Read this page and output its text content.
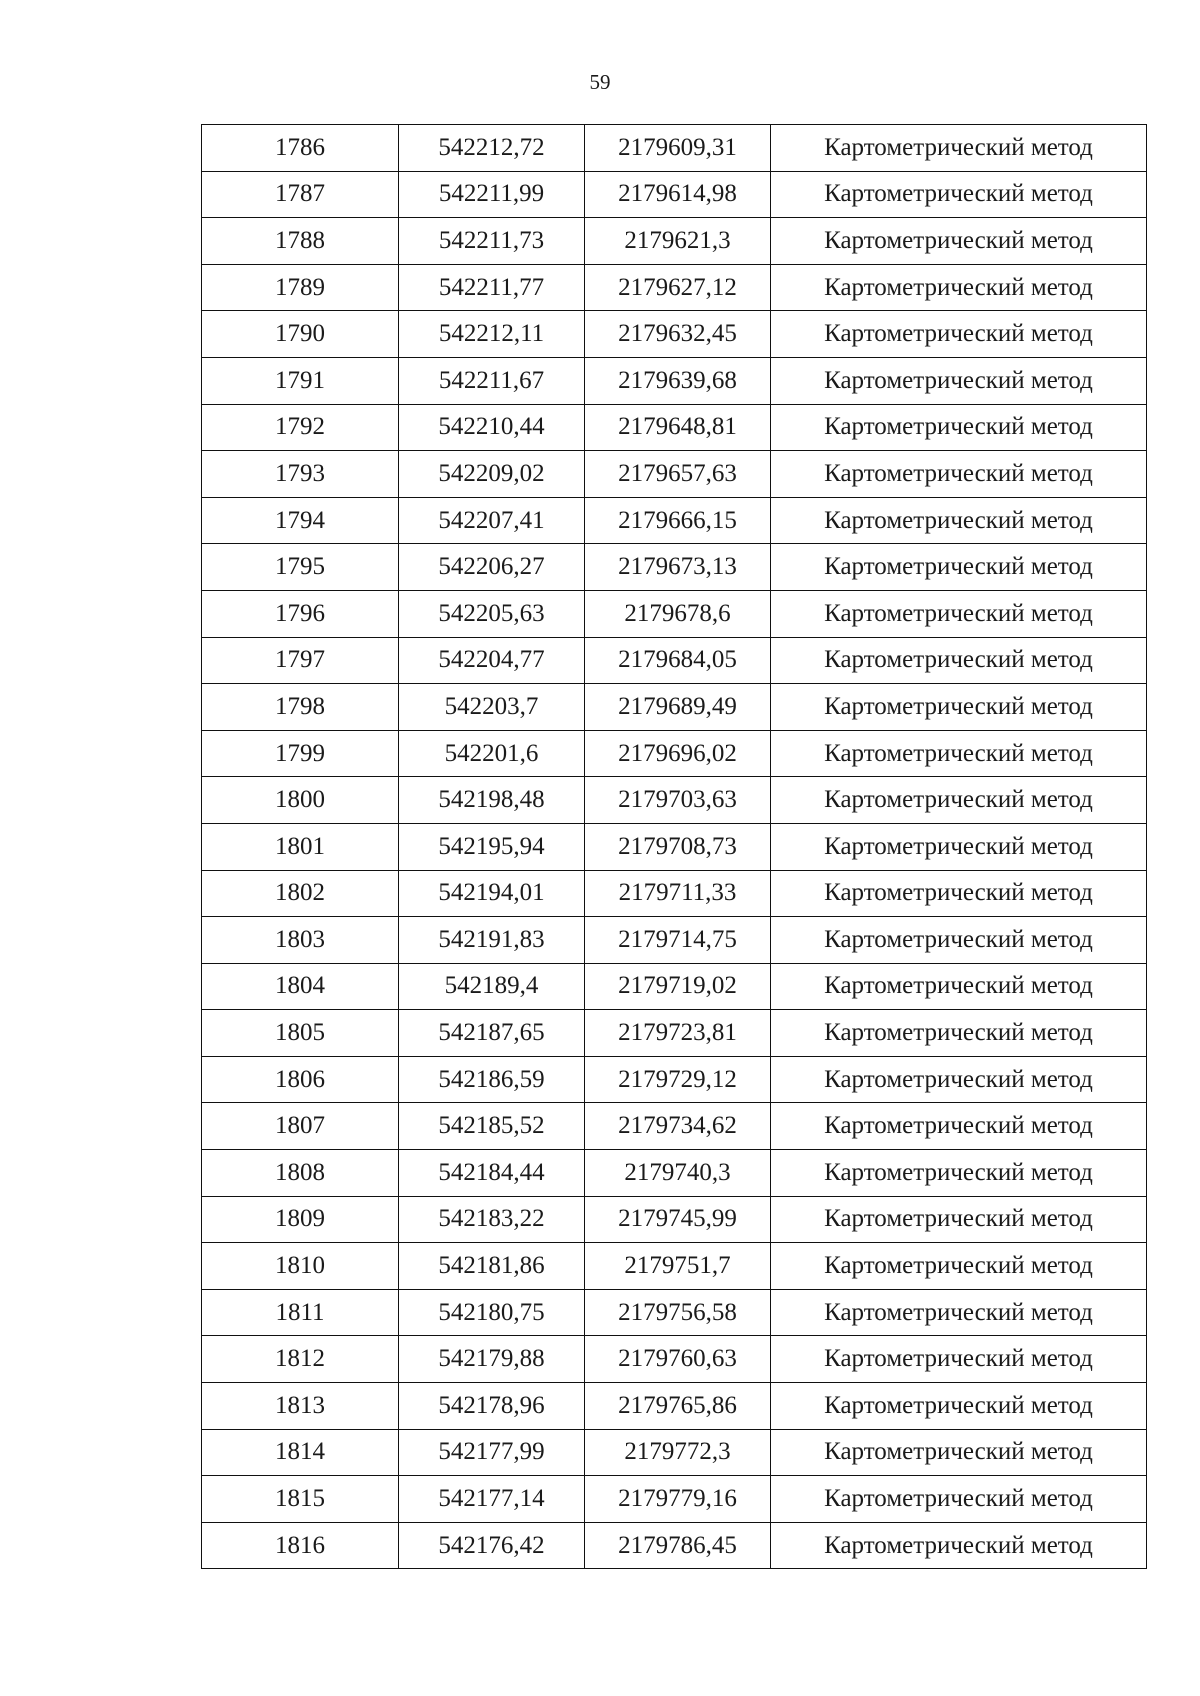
59
1786	542212,72	2179609,31	Картометрический метод
1787	542211,99	2179614,98	Картометрический метод
1788	542211,73	2179621,3	Картометрический метод
1789	542211,77	2179627,12	Картометрический метод
1790	542212,11	2179632,45	Картометрический метод
1791	542211,67	2179639,68	Картометрический метод
1792	542210,44	2179648,81	Картометрический метод
1793	542209,02	2179657,63	Картометрический метод
1794	542207,41	2179666,15	Картометрический метод
1795	542206,27	2179673,13	Картометрический метод
1796	542205,63	2179678,6	Картометрический метод
1797	542204,77	2179684,05	Картометрический метод
1798	542203,7	2179689,49	Картометрический метод
1799	542201,6	2179696,02	Картометрический метод
1800	542198,48	2179703,63	Картометрический метод
1801	542195,94	2179708,73	Картометрический метод
1802	542194,01	2179711,33	Картометрический метод
1803	542191,83	2179714,75	Картометрический метод
1804	542189,4	2179719,02	Картометрический метод
1805	542187,65	2179723,81	Картометрический метод
1806	542186,59	2179729,12	Картометрический метод
1807	542185,52	2179734,62	Картометрический метод
1808	542184,44	2179740,3	Картометрический метод
1809	542183,22	2179745,99	Картометрический метод
1810	542181,86	2179751,7	Картометрический метод
1811	542180,75	2179756,58	Картометрический метод
1812	542179,88	2179760,63	Картометрический метод
1813	542178,96	2179765,86	Картометрический метод
1814	542177,99	2179772,3	Картометрический метод
1815	542177,14	2179779,16	Картометрический метод
1816	542176,42	2179786,45	Картометрический метод
